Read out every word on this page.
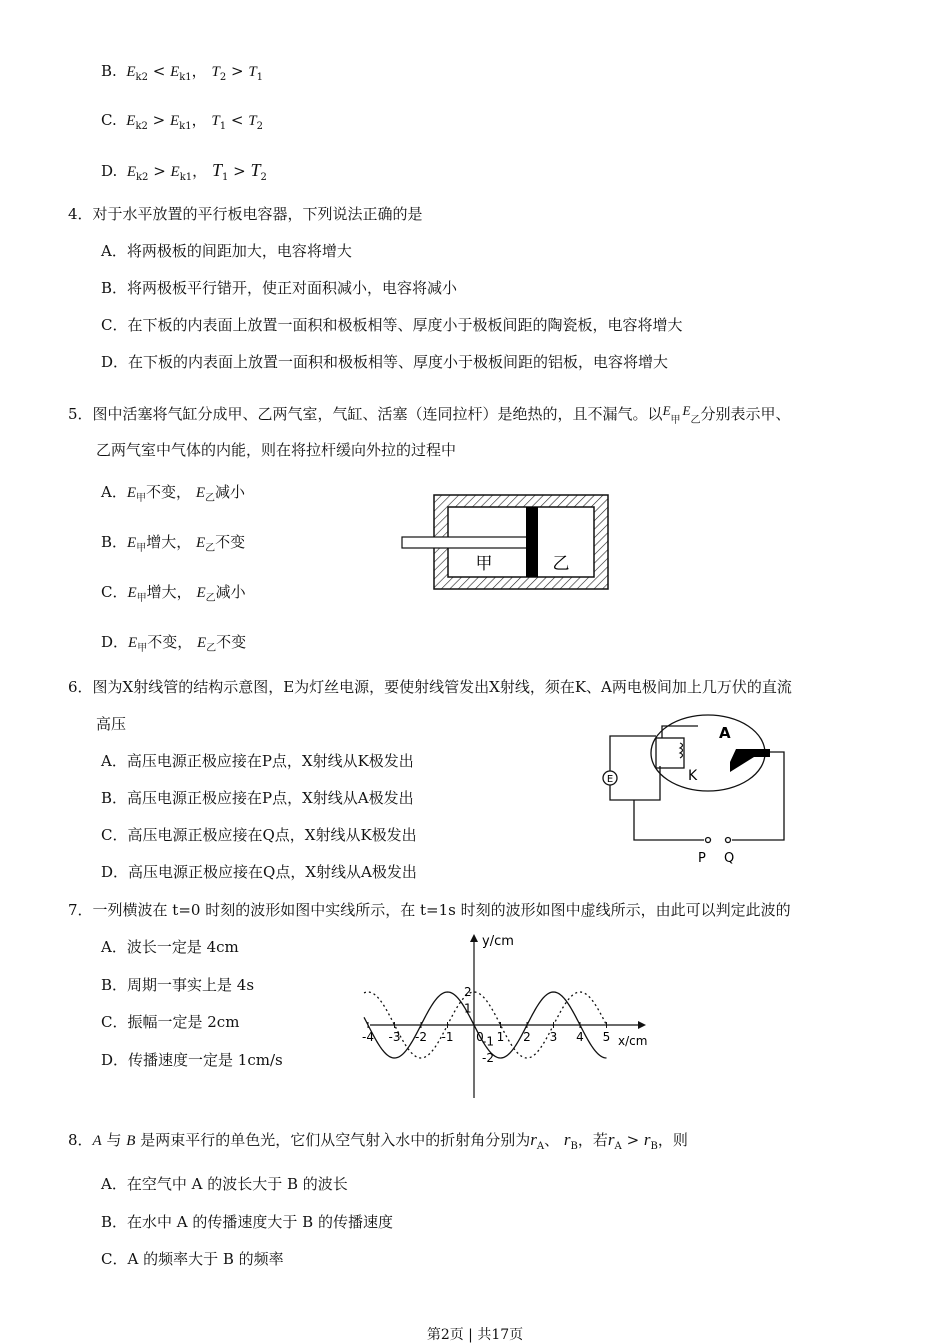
B. $E_{k2} < E_{k1}$， $T_2 > T_1$
C. $E_{k2} > E_{k1}$， $T_1 < T_2$
D. $E_{k2} > E_{k1}$， $T_1 > T_2$
4．对于水平放置的平行板电容器，下列说法正确的是
A．将两极板的间距加大，电容将增大
B．将两极板平行错开，使正对面积减小，电容将减小
C．在下板的内表面上放置一面积和极板相等、厚度小于极板间距的陶瓷板，电容将增大
D．在下板的内表面上放置一面积和极板相等、厚度小于极板间距的铝板，电容将增大
5．图中活塞将气缸分成甲、乙两气室，气缸、活塞（连同拉杆）是绝热的，且不漏气。以$E_甲E_乙$分别表示甲、
乙两气室中气体的内能，则在将拉杆缓向外拉的过程中
A．$E_甲$不变， $E_乙$减小
B．$E_甲$增大， $E_乙$不变
C．$E_甲$增大， $E_乙$减小
D．$E_甲$不变， $E_乙$不变
甲	乙
6．图为X射线管的结构示意图，E为灯丝电源，要使射线管发出X射线，须在K、A两电极间加上几万伏的直流
高压
A．高压电源正极应接在P点，X射线从K极发出
B．高压电源正极应接在P点，X射线从A极发出
C．高压电源正极应接在Q点，X射线从K极发出
D．高压电源正极应接在Q点，X射线从A极发出
E
A
K
P Q
7．一列横波在 t=0 时刻的波形如图中实线所示，在 t=1s 时刻的波形如图中虚线所示，由此可以判定此波的
A．波长一定是 4cm
B．周期一事实上是 4s
C．振幅一定是 2cm
D．传播速度一定是 1cm/s
-4 -3 -2 -1 0 1 2 3 4 5
2
1
-1
-2
x/cm
y/cm
8．A 与 B 是两束平行的单色光，它们从空气射入水中的折射角分别为$r_A$、 $r_B$，若$r_A > r_B$，则
A．在空气中 A 的波长大于 B 的波长
B．在水中 A 的传播速度大于 B 的传播速度
C．A 的频率大于 B 的频率
第2页 | 共17页
